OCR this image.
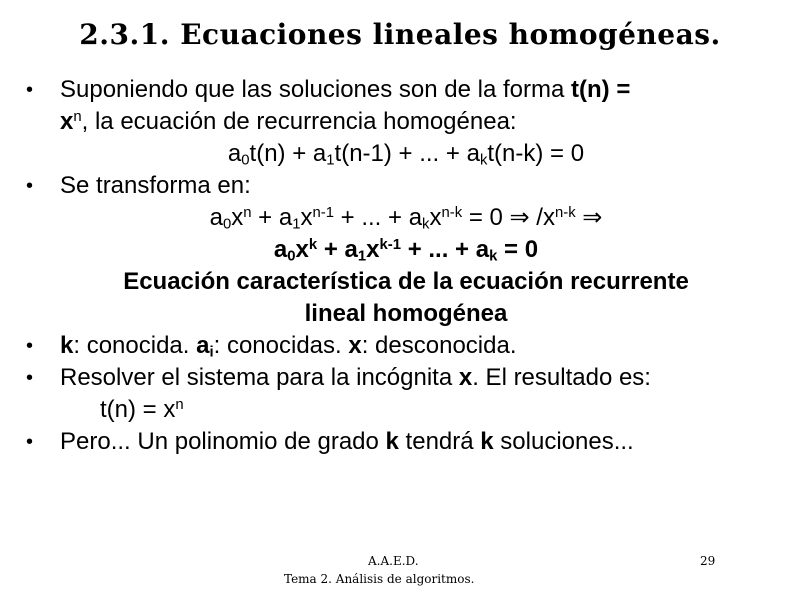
2.3.1. Ecuaciones lineales homogéneas.
• Suponiendo que las soluciones son de la forma t(n) =
$x^n$, la ecuación de recurrencia homogénea:
$a_0t(n) + a_1t(n-1)$ + ... + $a_kt(n-k) = 0$
• Se transforma en:
$a_0x^n + a_1x^{n-1}$ + ... + $a_kx^{n-k} = 0$ ⇒ $/x^{n-k}$ ⇒
$a_0x^k + a_1x^{k-1}$ + ... + $a_k = 0$
Ecuación característica de la ecuación recurrente
lineal homogénea
• k: conocida. $a_i$: conocidas. x: desconocida.
• Resolver el sistema para la incógnita x. El resultado es:
$t(n) = x^n$
• Pero... Un polinomio de grado k tendrá k soluciones...
A.A.E.D.
Tema 2. Análisis de algoritmos.
29
